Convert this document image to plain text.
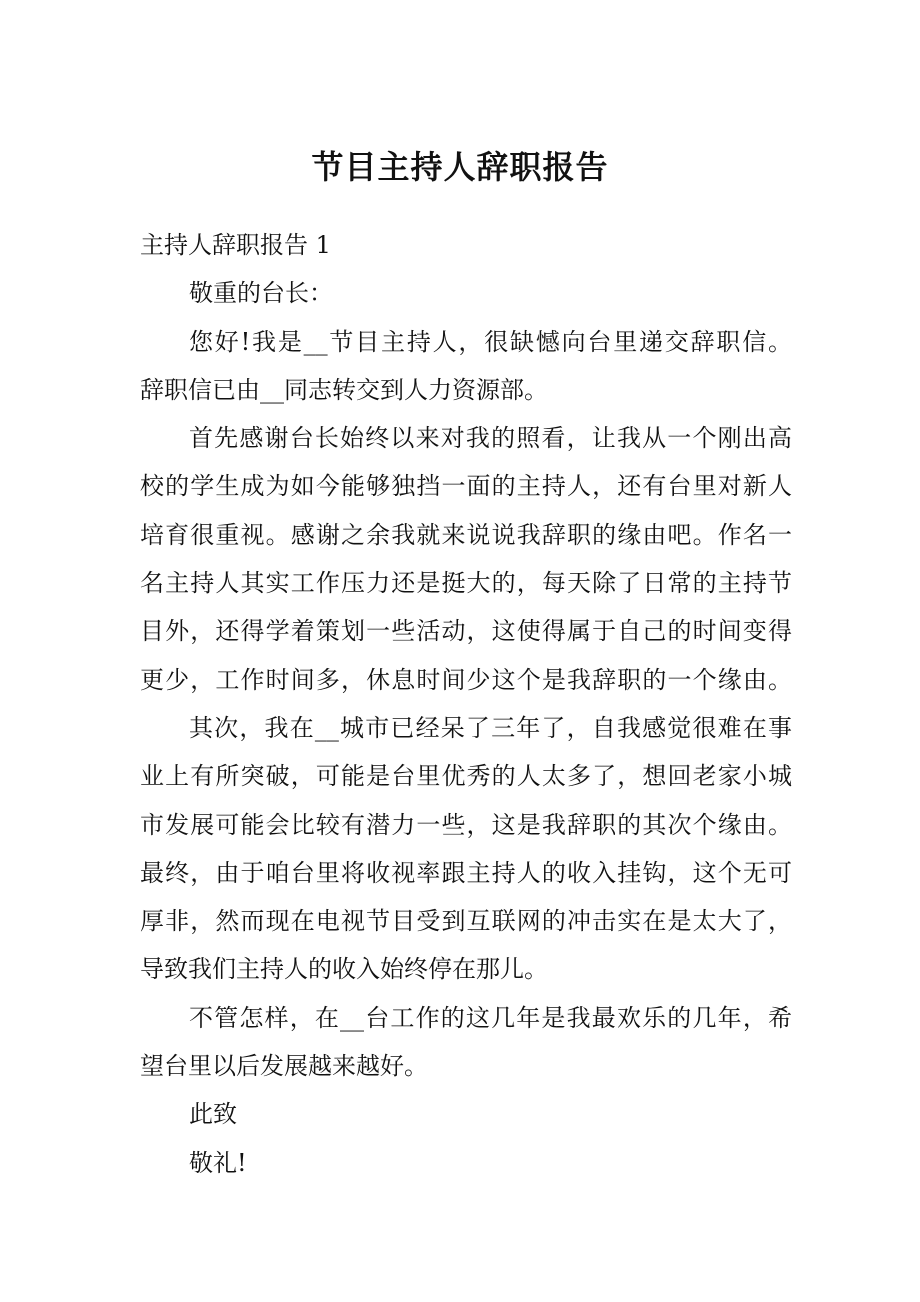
节目主持人辞职报告
主持人辞职报告 1
敬重的台长：
您好!我是__节目主持人，很缺憾向台里递交辞职信。
辞职信已由__同志转交到人力资源部。
首先感谢台长始终以来对我的照看，让我从一个刚出高
校的学生成为如今能够独挡一面的主持人，还有台里对新人
培育很重视。感谢之余我就来说说我辞职的缘由吧。作名一
名主持人其实工作压力还是挺大的，每天除了日常的主持节
目外，还得学着策划一些活动，这使得属于自己的时间变得
更少，工作时间多，休息时间少这个是我辞职的一个缘由。
其次，我在__城市已经呆了三年了，自我感觉很难在事
业上有所突破，可能是台里优秀的人太多了，想回老家小城
市发展可能会比较有潜力一些，这是我辞职的其次个缘由。
最终，由于咱台里将收视率跟主持人的收入挂钩，这个无可
厚非，然而现在电视节目受到互联网的冲击实在是太大了，
导致我们主持人的收入始终停在那儿。
不管怎样，在__台工作的这几年是我最欢乐的几年，希
望台里以后发展越来越好。
此致
敬礼!
